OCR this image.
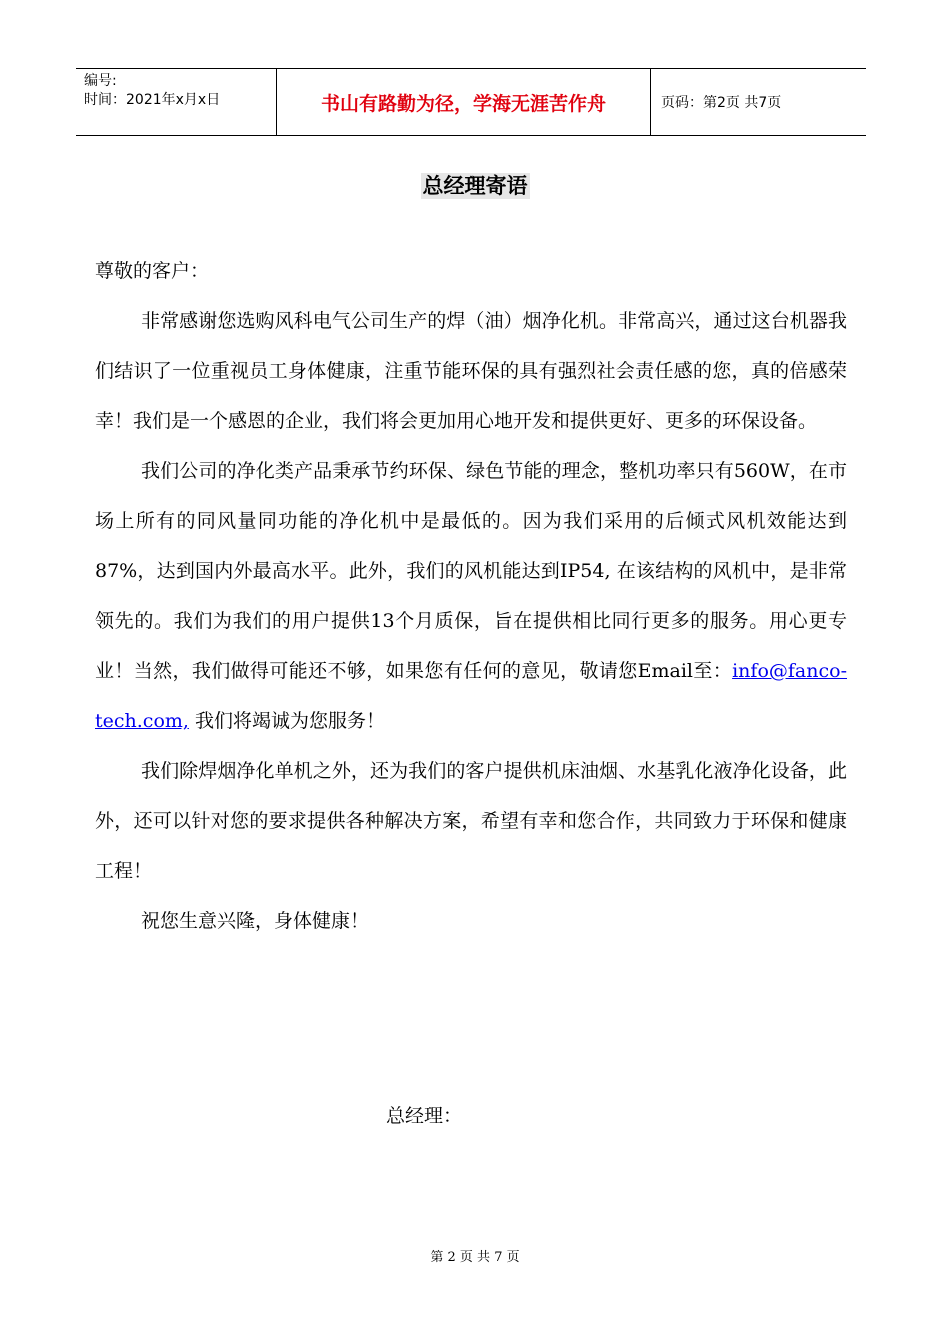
编号:
时间：2021年x月x日	书山有路勤为径，学海无涯苦作舟	页码：第2页 共7页
总经理寄语

尊敬的客户：

非常感谢您选购风科电气公司生产的焊（油）烟净化机。非常高兴，通过这台机器我们结识了一位重视员工身体健康，注重节能环保的具有强烈社会责任感的您，真的倍感荣幸！我们是一个感恩的企业，我们将会更加用心地开发和提供更好、更多的环保设备。

我们公司的净化类产品秉承节约环保、绿色节能的理念，整机功率只有560W，在市场上所有的同风量同功能的净化机中是最低的。因为我们采用的后倾式风机效能达到87%，达到国内外最高水平。此外，我们的风机能达到IP54, 在该结构的风机中，是非常领先的。我们为我们的用户提供13个月质保，旨在提供相比同行更多的服务。用心更专业！当然，我们做得可能还不够，如果您有任何的意见，敬请您Email至：info@fanco-tech.com, 我们将竭诚为您服务！

我们除焊烟净化单机之外，还为我们的客户提供机床油烟、水基乳化液净化设备，此外，还可以针对您的要求提供各种解决方案，希望有幸和您合作，共同致力于环保和健康工程！

祝您生意兴隆，身体健康！

总经理：
第 2 页 共 7 页
